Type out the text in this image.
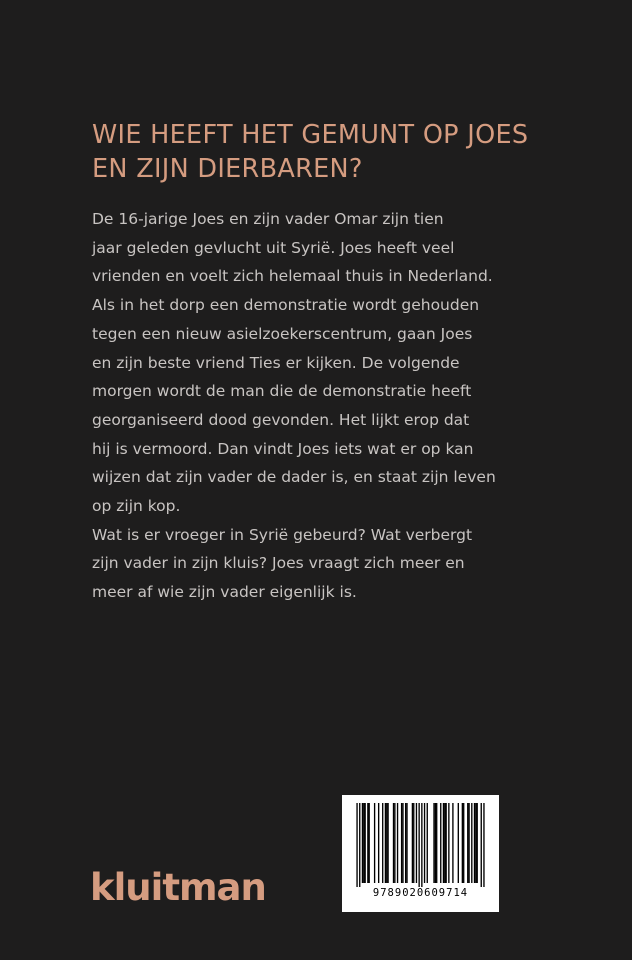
WIE HEEFT HET GEMUNT OP JOES
EN ZIJN DIERBAREN?
De 16-jarige Joes en zijn vader Omar zijn tien
jaar geleden gevlucht uit Syrië. Joes heeft veel
vrienden en voelt zich helemaal thuis in Nederland.
Als in het dorp een demonstratie wordt gehouden
tegen een nieuw asielzoekerscentrum, gaan Joes
en zijn beste vriend Ties er kijken. De volgende
morgen wordt de man die de demonstratie heeft
georganiseerd dood gevonden. Het lijkt erop dat
hij is vermoord. Dan vindt Joes iets wat er op kan
wijzen dat zijn vader de dader is, en staat zijn leven
op zijn kop.
Wat is er vroeger in Syrië gebeurd? Wat verbergt
zijn vader in zijn kluis? Joes vraagt zich meer en
meer af wie zijn vader eigenlijk is.
9789020609714
kluitman
